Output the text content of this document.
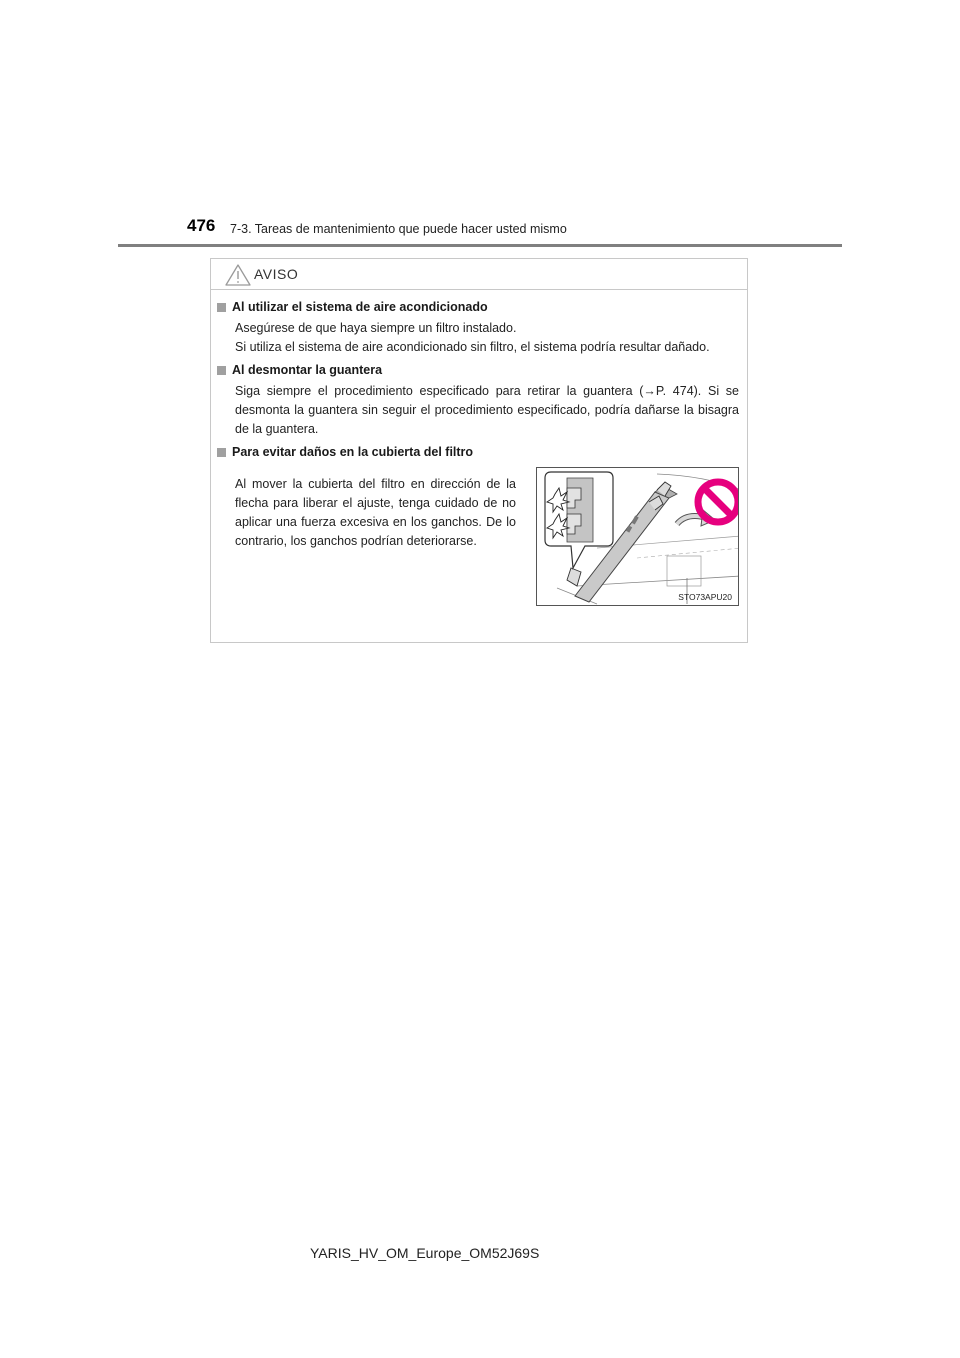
476 7-3. Tareas de mantenimiento que puede hacer usted mismo
AVISO
Al utilizar el sistema de aire acondicionado

Asegúrese de que haya siempre un filtro instalado.

Si utiliza el sistema de aire acondicionado sin filtro, el sistema podría resultar dañado.

Al desmontar la guantera

Siga siempre el procedimiento especificado para retirar la guantera (→P. 474). Si se desmonta la guantera sin seguir el procedimiento especificado, podría dañarse la bisagra de la guantera.

Para evitar daños en la cubierta del filtro

Al mover la cubierta del filtro en dirección de la flecha para liberar el ajuste, tenga cuidado de no aplicar una fuerza excesiva en los ganchos. De lo contrario, los ganchos podrían deteriorarse.

STO73APU20
YARIS_HV_OM_Europe_OM52J69S
